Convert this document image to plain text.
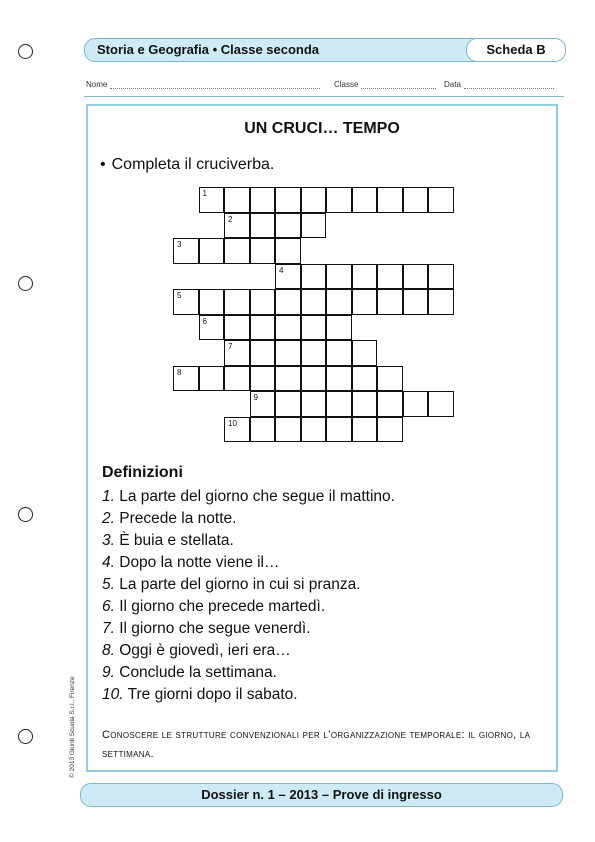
Storia e Geografia • Classe seconda	Scheda B
Nome	Classe	Data
UN CRUCI… TEMPO
• Completa il cruciverba.
1
2
3
4
5
6
7
8
9
10
Definizioni
1. La parte del giorno che segue il mattino.
2. Precede la notte.
3. È buia e stellata.
4. Dopo la notte viene il…
5. La parte del giorno in cui si pranza.
6. Il giorno che precede martedì.
7. Il giorno che segue venerdì.
8. Oggi è giovedì, ieri era…
9. Conclude la settimana.
10. Tre giorni dopo il sabato.
Conoscere le strutture convenzionali per l’organizzazione temporale: il giorno, la settimana.
© 2013 Giunti Scuola S.r.l., Firenze
Dossier n. 1 – 2013 – Prove di ingresso
